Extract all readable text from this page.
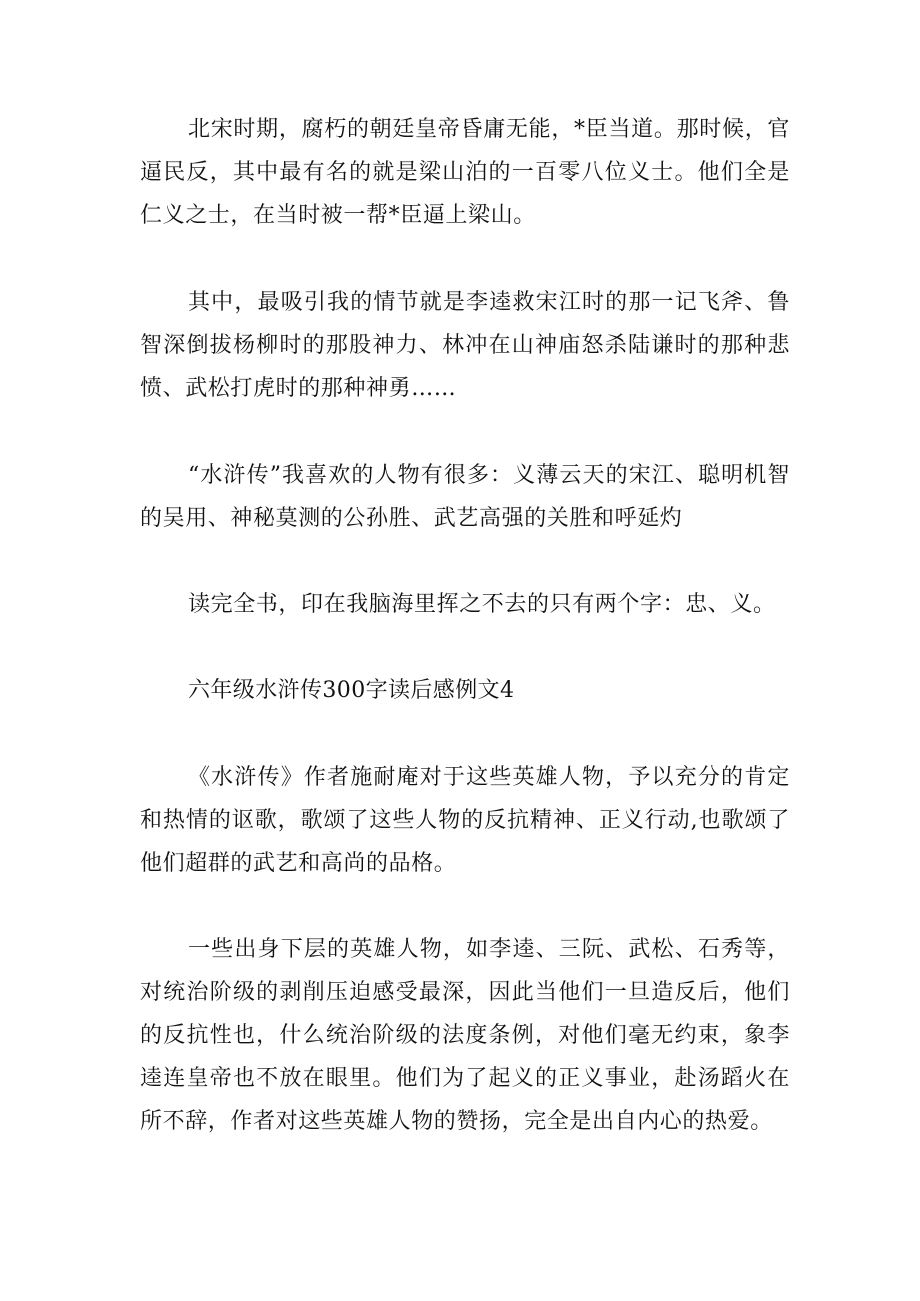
北宋时期，腐朽的朝廷皇帝昏庸无能，*臣当道。那时候，官逼民反，其中最有名的就是梁山泊的一百零八位义士。他们全是仁义之士，在当时被一帮*臣逼上梁山。

其中，最吸引我的情节就是李逵救宋江时的那一记飞斧、鲁智深倒拔杨柳时的那股神力、林冲在山神庙怒杀陆谦时的那种悲愤、武松打虎时的那种神勇……

“水浒传”我喜欢的人物有很多：义薄云天的宋江、聪明机智的吴用、神秘莫测的公孙胜、武艺高强的关胜和呼延灼

读完全书，印在我脑海里挥之不去的只有两个字：忠、义。

六年级水浒传300字读后感例文4

《水浒传》作者施耐庵对于这些英雄人物，予以充分的肯定和热情的讴歌，歌颂了这些人物的反抗精神、正义行动,也歌颂了他们超群的武艺和高尚的品格。

一些出身下层的英雄人物，如李逵、三阮、武松、石秀等，对统治阶级的剥削压迫感受最深，因此当他们一旦造反后，他们的反抗性也，什么统治阶级的法度条例，对他们毫无约束，象李逵连皇帝也不放在眼里。他们为了起义的正义事业，赴汤蹈火在所不辞，作者对这些英雄人物的赞扬，完全是出自内心的热爱。
